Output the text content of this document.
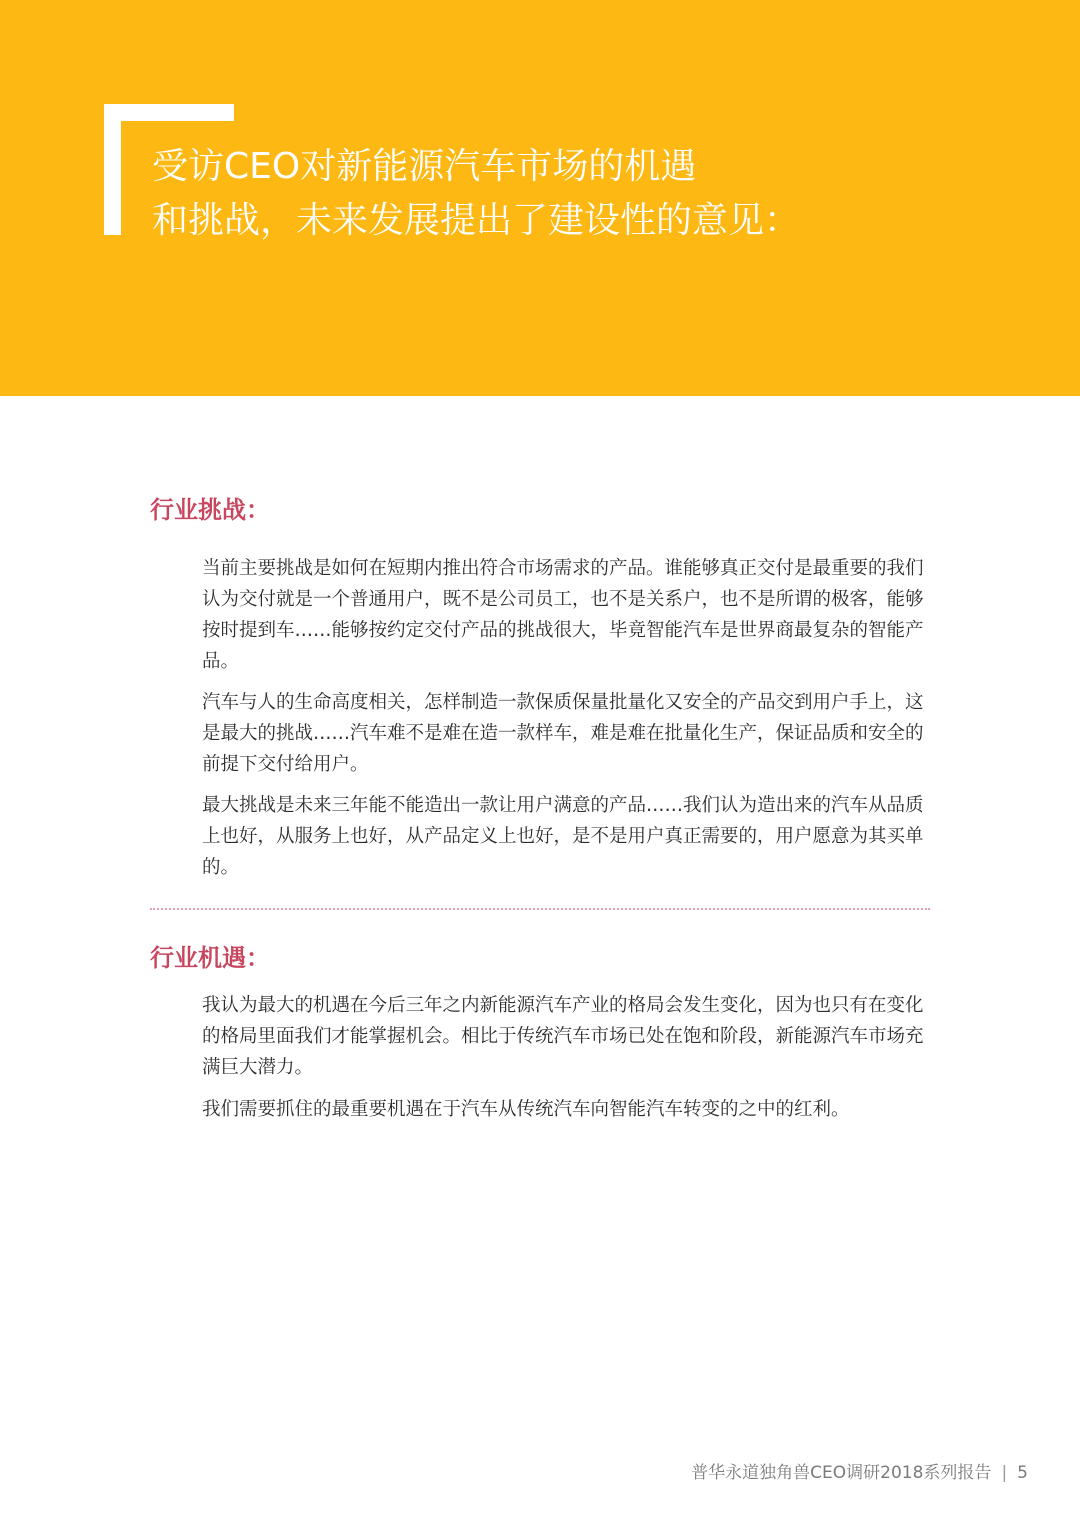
受访CEO对新能源汽车市场的机遇
和挑战，未来发展提出了建设性的意见：
行业挑战：

当前主要挑战是如何在短期内推出符合市场需求的产品。谁能够真正交付是最重要的我们认为交付就是一个普通用户，既不是公司员工，也不是关系户，也不是所谓的极客，能够按时提到车……能够按约定交付产品的挑战很大，毕竟智能汽车是世界商最复杂的智能产品。

汽车与人的生命高度相关，怎样制造一款保质保量批量化又安全的产品交到用户手上，这是最大的挑战……汽车难不是难在造一款样车，难是难在批量化生产，保证品质和安全的前提下交付给用户。

最大挑战是未来三年能不能造出一款让用户满意的产品……我们认为造出来的汽车从品质上也好，从服务上也好，从产品定义上也好，是不是用户真正需要的，用户愿意为其买单的。

行业机遇：

我认为最大的机遇在今后三年之内新能源汽车产业的格局会发生变化，因为也只有在变化的格局里面我们才能掌握机会。相比于传统汽车市场已处在饱和阶段，新能源汽车市场充满巨大潜力。

我们需要抓住的最重要机遇在于汽车从传统汽车向智能汽车转变的之中的红利。

普华永道独角兽CEO调研2018系列报告 | 5
